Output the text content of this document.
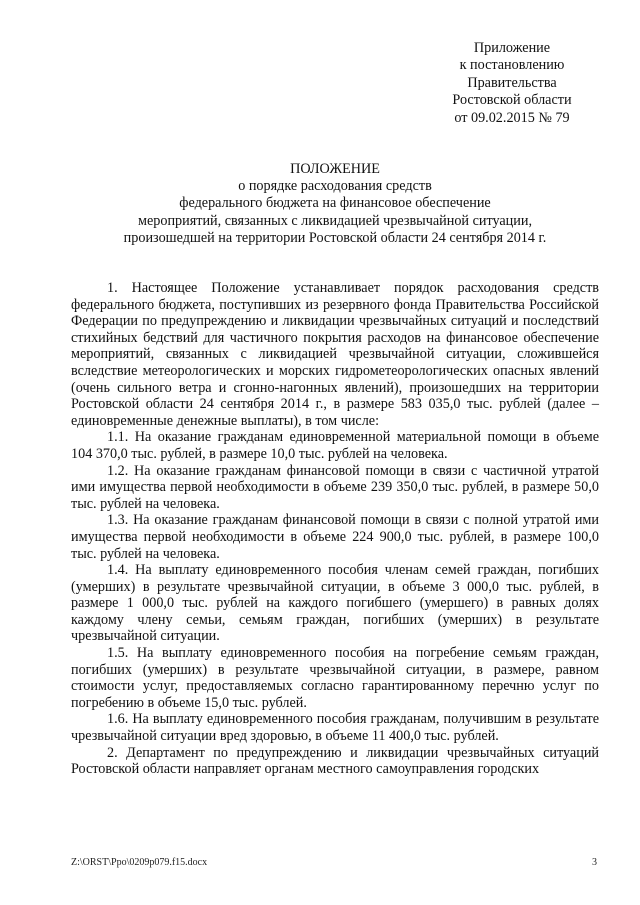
Приложение
к постановлению
Правительства
Ростовской области
от 09.02.2015 № 79
ПОЛОЖЕНИЕ
о порядке расходования средств
федерального бюджета на финансовое обеспечение
мероприятий, связанных с ликвидацией чрезвычайной ситуации,
произошедшей на территории Ростовской области 24 сентября 2014 г.

1. Настоящее Положение устанавливает порядок расходования средств федерального бюджета, поступивших из резервного фонда Правительства Российской Федерации по предупреждению и ликвидации чрезвычайных ситуаций и последствий стихийных бедствий для частичного покрытия расходов на финансовое обеспечение мероприятий, связанных с ликвидацией чрезвычайной ситуации, сложившейся вследствие метеорологических и морских гидрометеорологических опасных явлений (очень сильного ветра и сгонно-нагонных явлений), произошедших на территории Ростовской области 24 сентября 2014 г., в размере 583 035,0 тыс. рублей (далее – единовременные денежные выплаты), в том числе:

1.1. На оказание гражданам единовременной материальной помощи в объеме 104 370,0 тыс. рублей, в размере 10,0 тыс. рублей на человека.

1.2. На оказание гражданам финансовой помощи в связи с частичной утратой ими имущества первой необходимости в объеме 239 350,0 тыс. рублей, в размере 50,0 тыс. рублей на человека.

1.3. На оказание гражданам финансовой помощи в связи с полной утратой ими имущества первой необходимости в объеме 224 900,0 тыс. рублей, в размере 100,0 тыс. рублей на человека.

1.4. На выплату единовременного пособия членам семей граждан, погибших (умерших) в результате чрезвычайной ситуации, в объеме 3 000,0 тыс. рублей, в размере 1 000,0 тыс. рублей на каждого погибшего (умершего) в равных долях каждому члену семьи, семьям граждан, погибших (умерших) в результате чрезвычайной ситуации.

1.5. На выплату единовременного пособия на погребение семьям граждан, погибших (умерших) в результате чрезвычайной ситуации, в размере, равном стоимости услуг, предоставляемых согласно гарантированному перечню услуг по погребению в объеме 15,0 тыс. рублей.

1.6. На выплату единовременного пособия гражданам, получившим в результате чрезвычайной ситуации вред здоровью, в объеме 11 400,0 тыс. рублей.

2. Департамент по предупреждению и ликвидации чрезвычайных ситуаций Ростовской области направляет органам местного самоуправления городских

Z:\ORST\Ppo\0209p079.f15.docx	3
